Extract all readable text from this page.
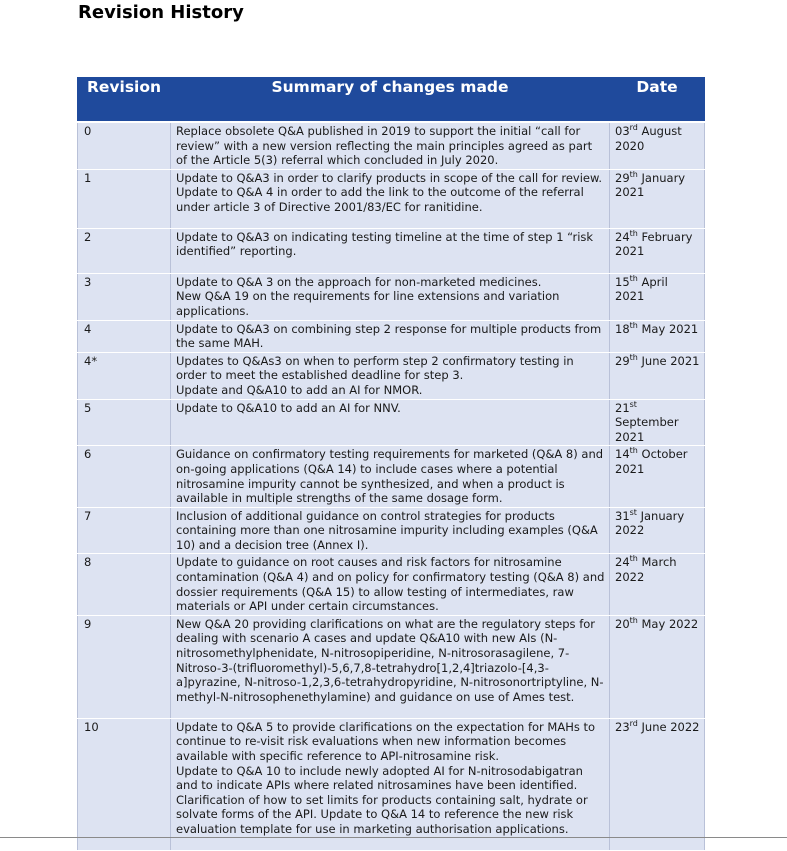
Revision History
Revision	Summary of changes made	Date
0	Replace obsolete Q&A published in 2019 to support the initial “call for review” with a new version reflecting the main principles agreed as part of the Article 5(3) referral which concluded in July 2020.	03rd August 2020
1	Update to Q&A3 in order to clarify products in scope of the call for review.
Update to Q&A 4 in order to add the link to the outcome of the referral under article 3 of Directive 2001/83/EC for ranitidine.	29th January 2021
2	Update to Q&A3 on indicating testing timeline at the time of step 1 “risk identified” reporting.	24th February 2021
3	Update to Q&A 3 on the approach for non-marketed medicines.
New Q&A 19 on the requirements for line extensions and variation applications.	15th April 2021
4	Update to Q&A3 on combining step 2 response for multiple products from the same MAH.	18th May 2021
4*	Updates to Q&As3 on when to perform step 2 confirmatory testing in order to meet the established deadline for step 3.
Update and Q&A10 to add an AI for NMOR.	29th June 2021
5	Update to Q&A10 to add an AI for NNV.	21st September 2021
6	Guidance on confirmatory testing requirements for marketed (Q&A 8) and on-going applications (Q&A 14) to include cases where a potential nitrosamine impurity cannot be synthesized, and when a product is available in multiple strengths of the same dosage form.	14th October 2021
7	Inclusion of additional guidance on control strategies for products containing more than one nitrosamine impurity including examples (Q&A 10) and a decision tree (Annex I).	31st January 2022
8	Update to guidance on root causes and risk factors for nitrosamine contamination (Q&A 4) and on policy for confirmatory testing (Q&A 8) and dossier requirements (Q&A 15) to allow testing of intermediates, raw materials or API under certain circumstances.	24th March 2022
9	New Q&A 20 providing clarifications on what are the regulatory steps for dealing with scenario A cases and update Q&A10 with new AIs (N-nitrosomethylphenidate, N-nitrosopiperidine, N-nitrosorasagilene, 7-Nitroso-3-(trifluoromethyl)-5,6,7,8-tetrahydro[1,2,4]triazolo-[4,3-a]pyrazine, N-nitroso-1,2,3,6-tetrahydropyridine, N-nitrosonortriptyline, N-methyl-N-nitrosophenethylamine) and guidance on use of Ames test.	20th May 2022
10	Update to Q&A 5 to provide clarifications on the expectation for MAHs to continue to re-visit risk evaluations when new information becomes available with specific reference to API-nitrosamine risk.
Update to Q&A 10 to include newly adopted AI for N-nitrosodabigatran and to indicate APIs where related nitrosamines have been identified. Clarification of how to set limits for products containing salt, hydrate or solvate forms of the API. Update to Q&A 14 to reference the new risk evaluation template for use in marketing authorisation applications.	23rd June 2022
